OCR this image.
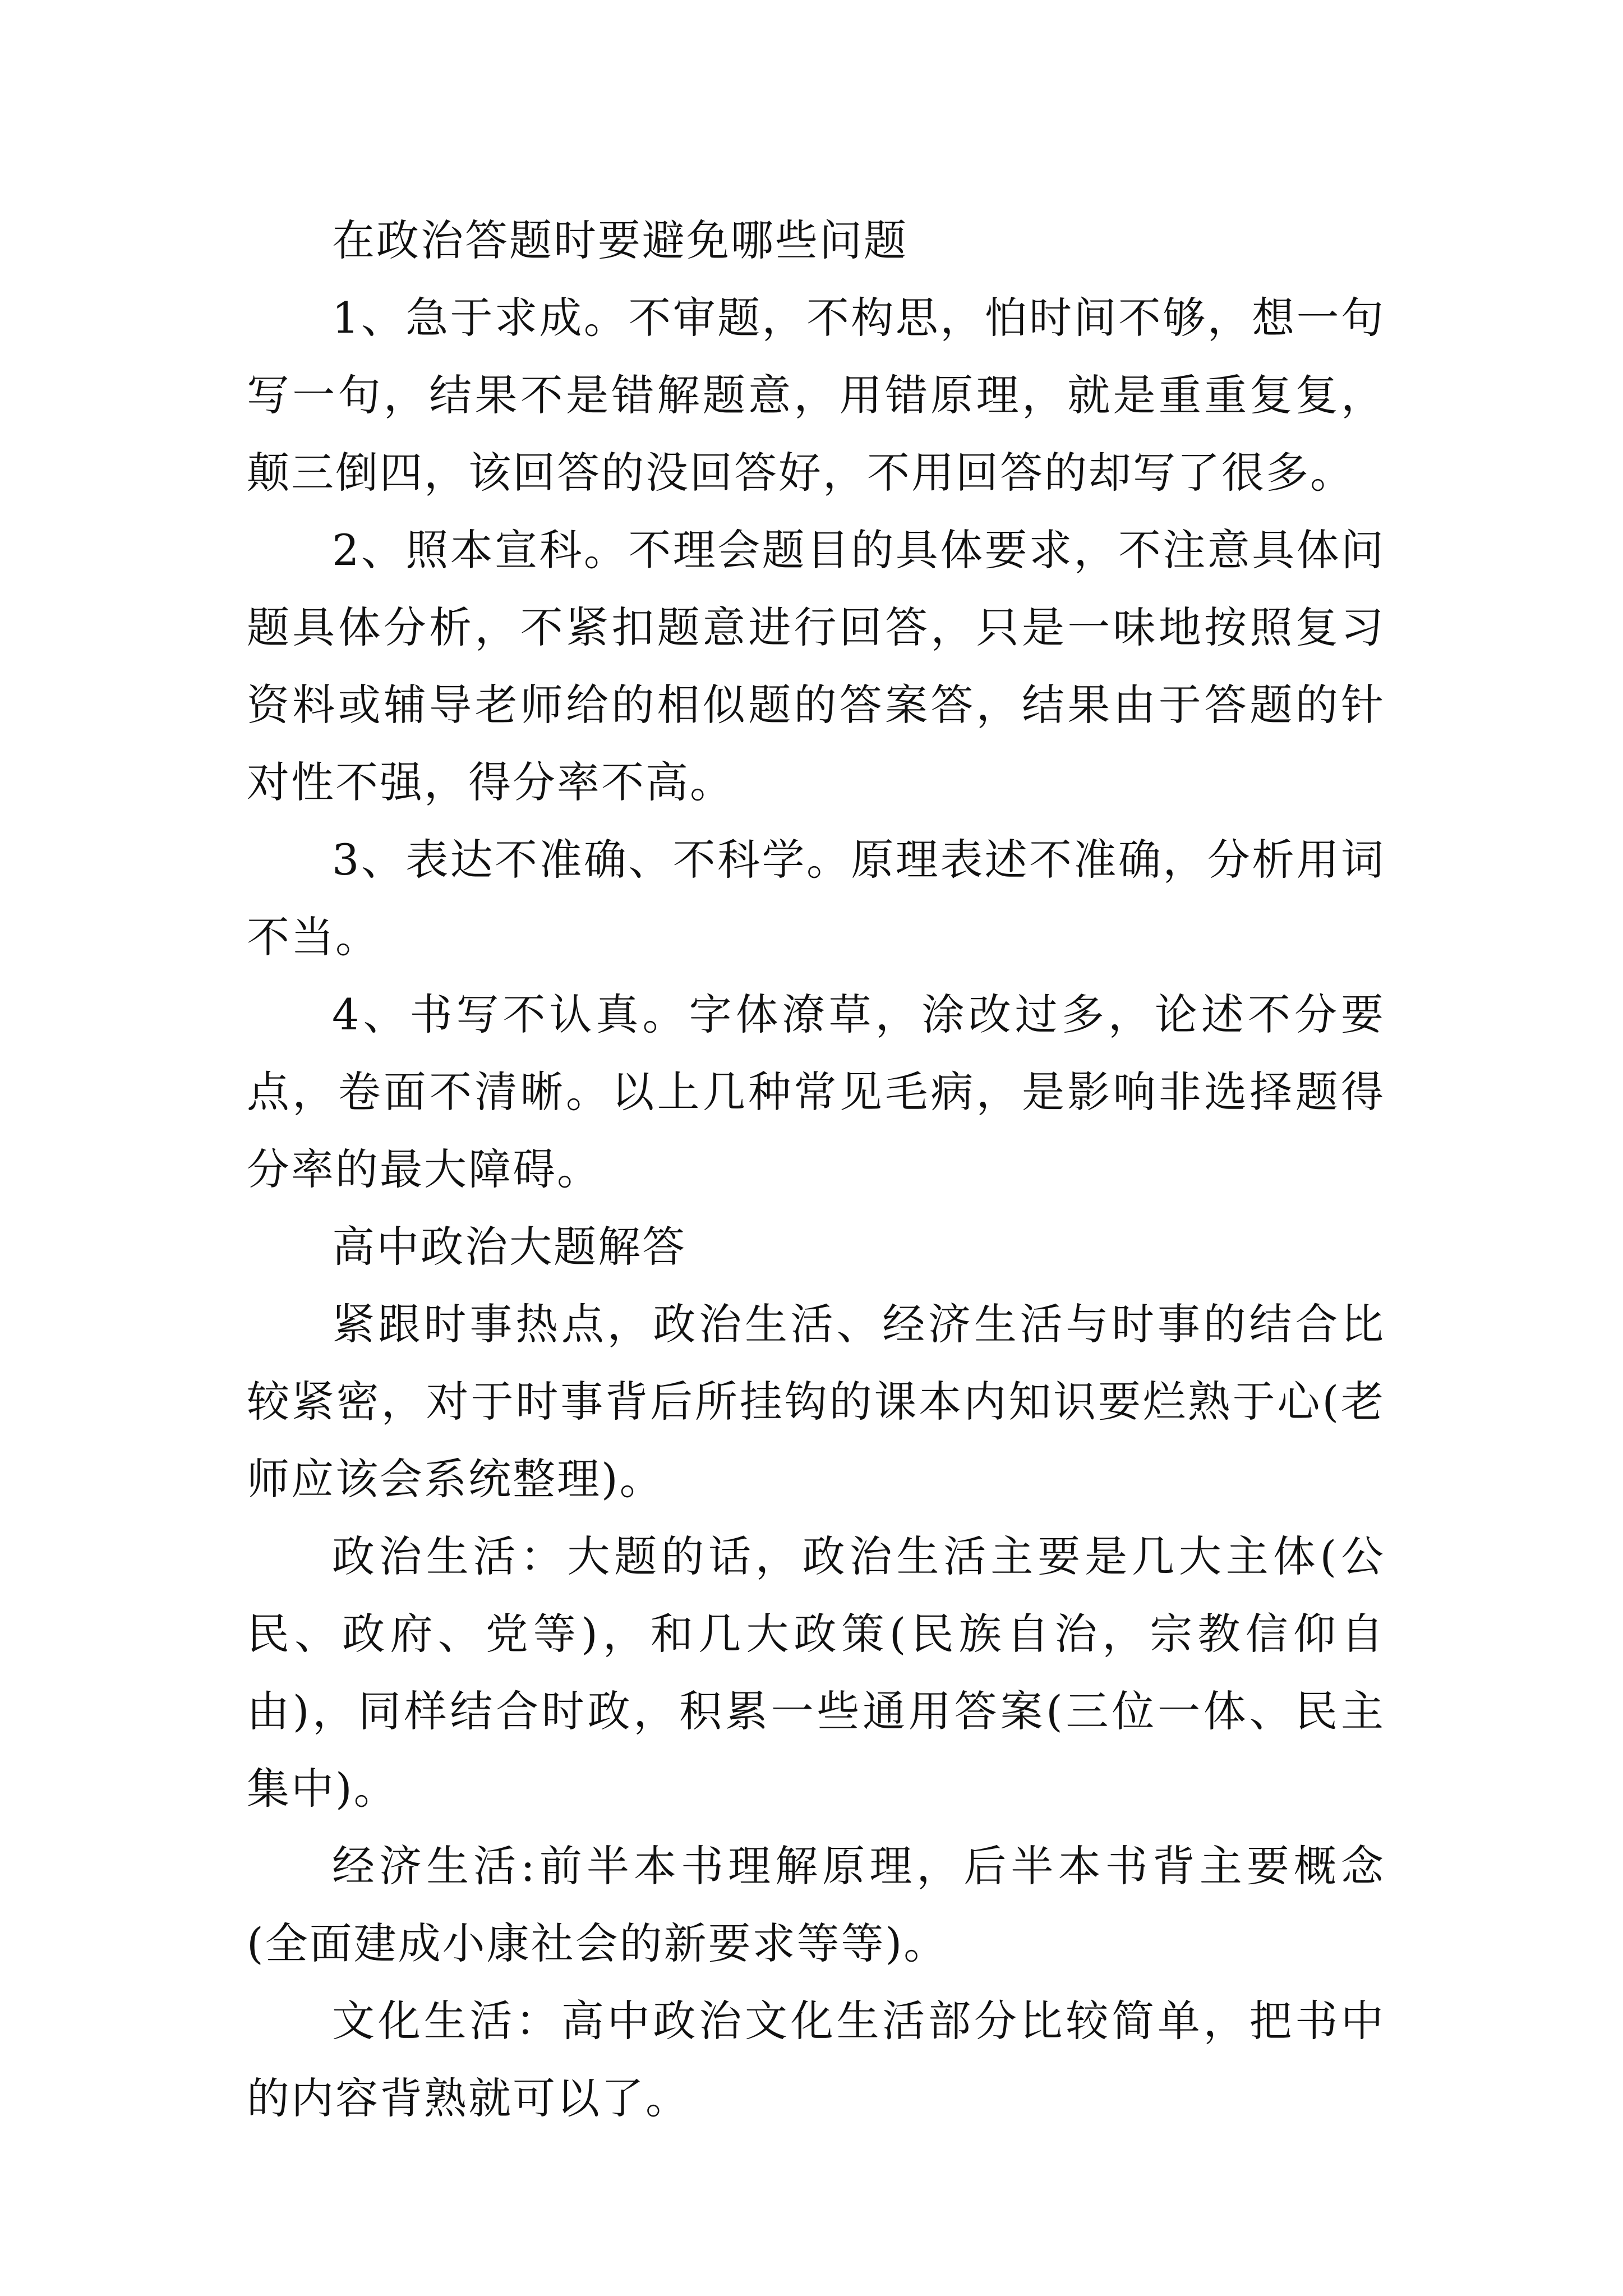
在政治答题时要避免哪些问题

1、急于求成。不审题，不构思，怕时间不够，想一句写一句，结果不是错解题意，用错原理，就是重重复复，颠三倒四，该回答的没回答好，不用回答的却写了很多。

2、照本宣科。不理会题目的具体要求，不注意具体问题具体分析，不紧扣题意进行回答，只是一味地按照复习资料或辅导老师给的相似题的答案答，结果由于答题的针对性不强，得分率不高。

3、表达不准确、不科学。原理表述不准确，分析用词不当。

4、书写不认真。字体潦草，涂改过多，论述不分要点，卷面不清晰。以上几种常见毛病，是影响非选择题得分率的最大障碍。

高中政治大题解答

紧跟时事热点，政治生活、经济生活与时事的结合比较紧密，对于时事背后所挂钩的课本内知识要烂熟于心(老师应该会系统整理)。

政治生活：大题的话，政治生活主要是几大主体(公民、政府、党等)，和几大政策(民族自治，宗教信仰自由)，同样结合时政，积累一些通用答案(三位一体、民主集中)。

经济生活:前半本书理解原理，后半本书背主要概念(全面建成小康社会的新要求等等)。

文化生活：高中政治文化生活部分比较简单，把书中的内容背熟就可以了。
